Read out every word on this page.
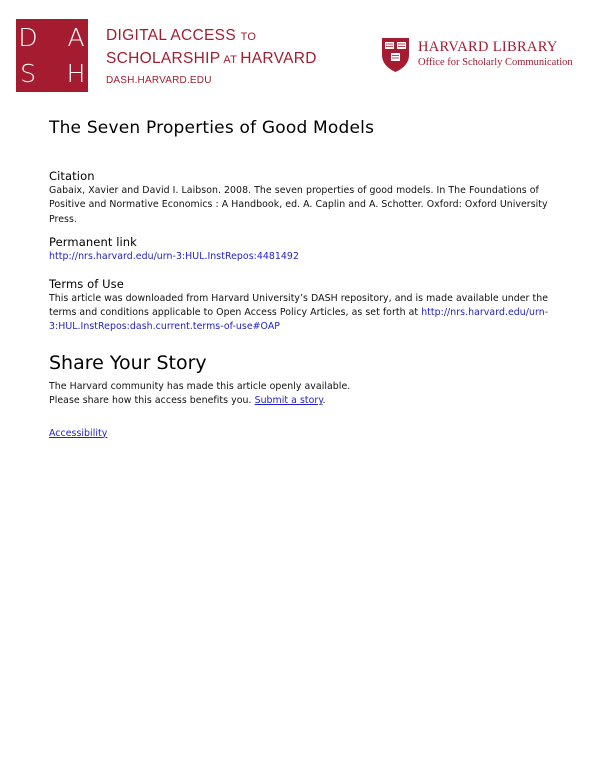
D A
S H
DIGITAL ACCESS TO
SCHOLARSHIP AT HARVARD
DASH.HARVARD.EDU
HARVARD LIBRARY
Office for Scholarly Communication
The Seven Properties of Good Models
Citation

Gabaix, Xavier and David I. Laibson. 2008. The seven properties of good models. In The Foundations of Positive and Normative Economics : A Handbook, ed. A. Caplin and A. Schotter. Oxford: Oxford University Press.

Permanent link

http://nrs.harvard.edu/urn-3:HUL.InstRepos:4481492

Terms of Use

This article was downloaded from Harvard University’s DASH repository, and is made available under the terms and conditions applicable to Open Access Policy Articles, as set forth at http://nrs.harvard.edu/urn-3:HUL.InstRepos:dash.current.terms-of-use#OAP

Share Your Story

The Harvard community has made this article openly available.

Please share how this access benefits you. Submit a story.

Accessibility
